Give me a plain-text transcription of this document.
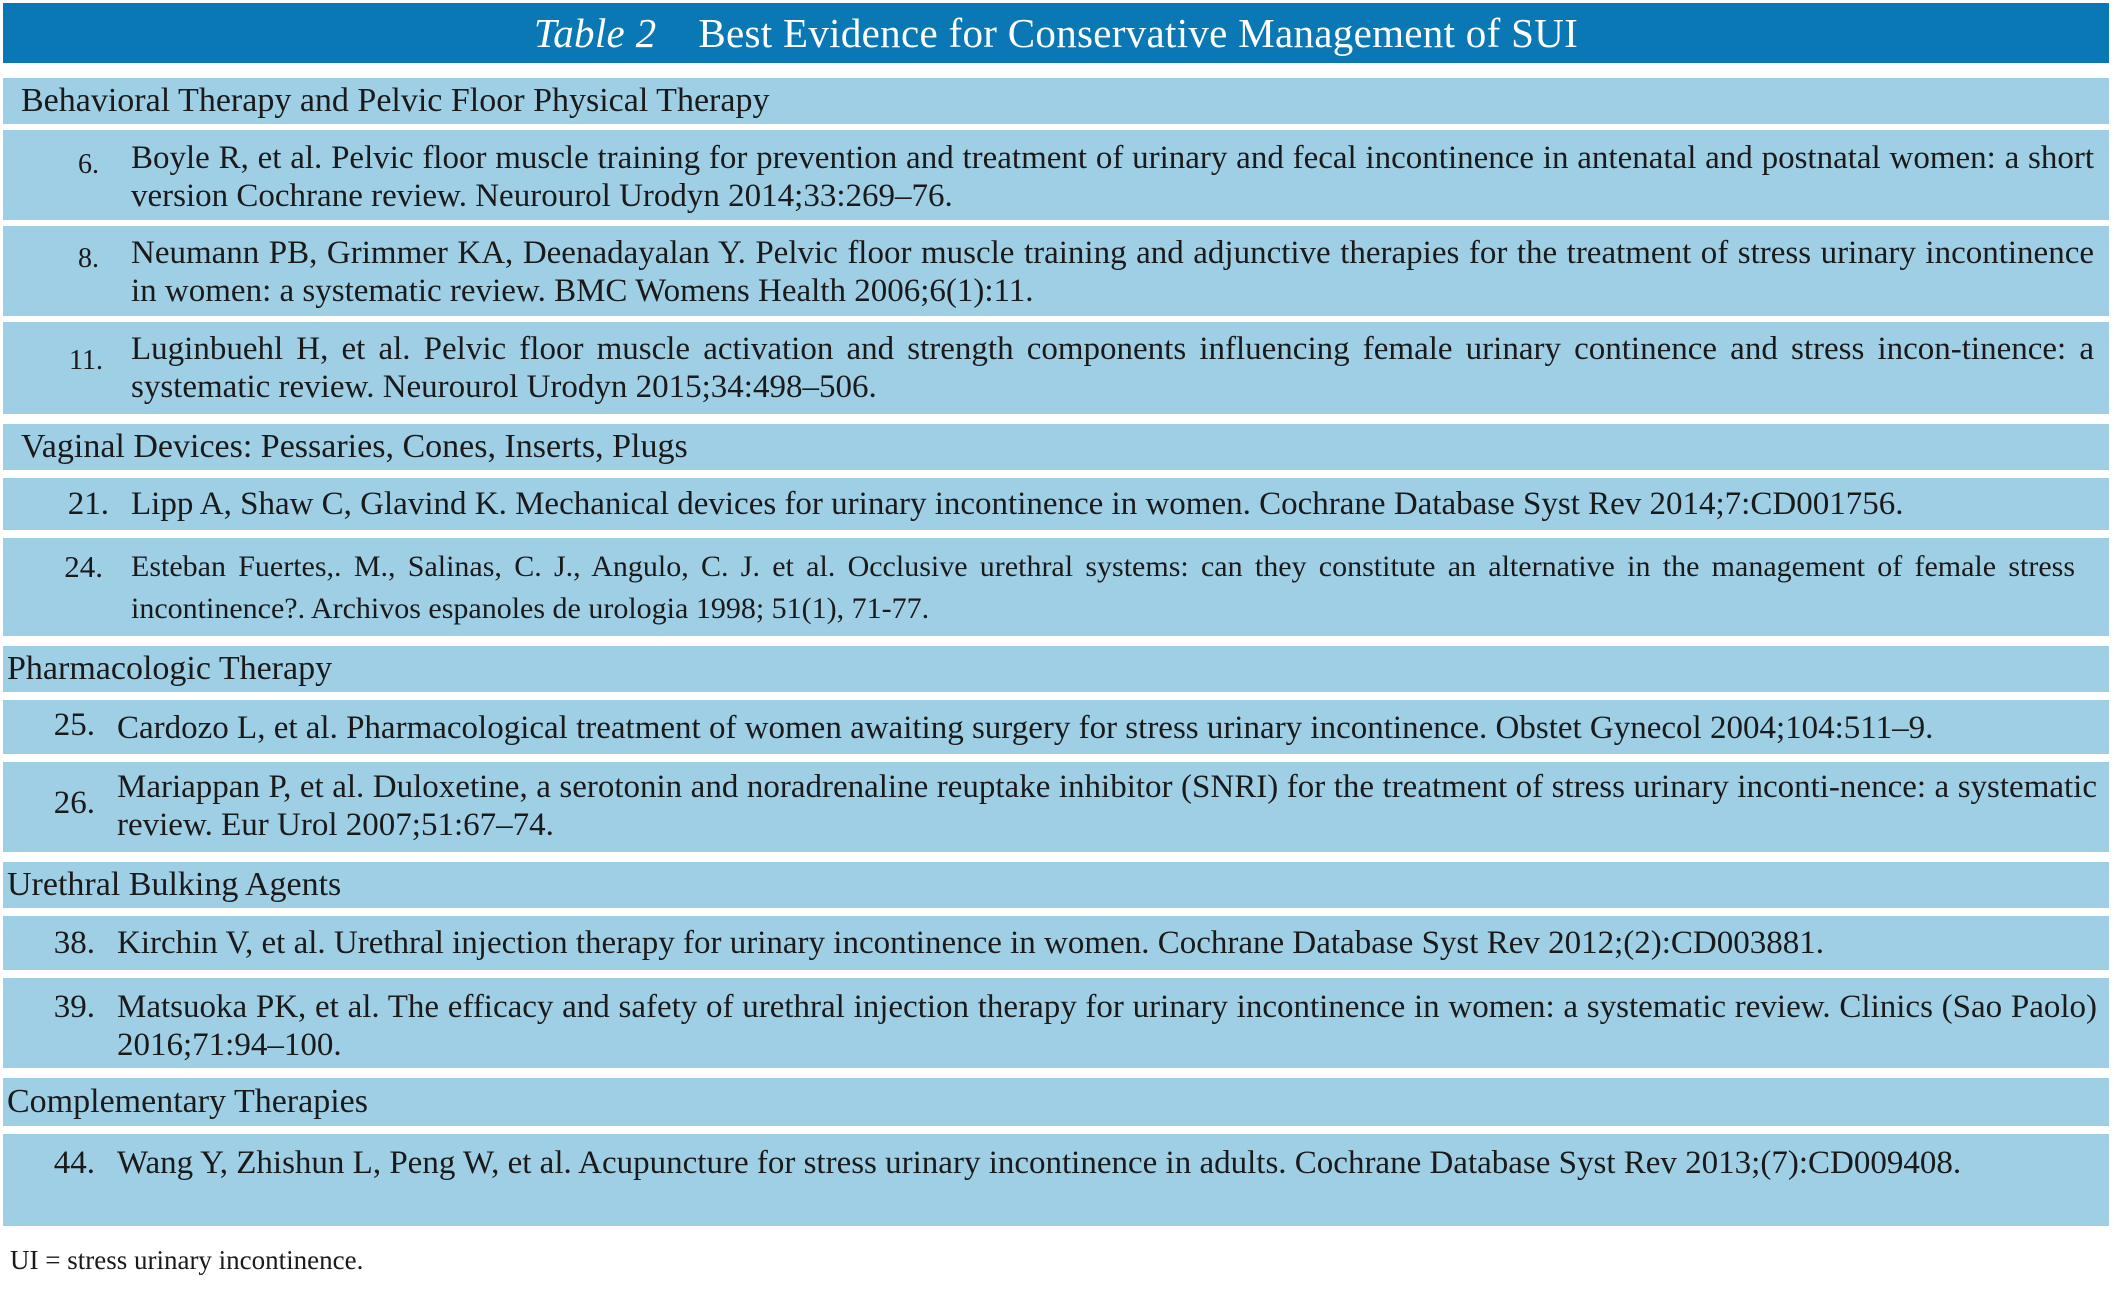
Table 2 Best Evidence for Conservative Management of SUI
Behavioral Therapy and Pelvic Floor Physical Therapy
6. Boyle R, et al. Pelvic floor muscle training for prevention and treatment of urinary and fecal incontinence in antenatal and postnatal women: a short version Cochrane review. Neurourol Urodyn 2014;33:269–76.
8. Neumann PB, Grimmer KA, Deenadayalan Y. Pelvic floor muscle training and adjunctive therapies for the treatment of stress urinary incontinence in women: a systematic review. BMC Womens Health 2006;6(1):11.
11. Luginbuehl H, et al. Pelvic floor muscle activation and strength components influencing female urinary continence and stress incon-tinence: a systematic review. Neurourol Urodyn 2015;34:498–506.
Vaginal Devices: Pessaries, Cones, Inserts, Plugs
21. Lipp A, Shaw C, Glavind K. Mechanical devices for urinary incontinence in women. Cochrane Database Syst Rev 2014;7:CD001756.
24. Esteban Fuertes,. M., Salinas, C. J., Angulo, C. J. et al. Occlusive urethral systems: can they constitute an alternative in the management of female stress incontinence?. Archivos espanoles de urologia 1998; 51(1), 71-77.
Pharmacologic Therapy
25. Cardozo L, et al. Pharmacological treatment of women awaiting surgery for stress urinary incontinence. Obstet Gynecol 2004;104:511–9.
26. Mariappan P, et al. Duloxetine, a serotonin and noradrenaline reuptake inhibitor (SNRI) for the treatment of stress urinary inconti-nence: a systematic review. Eur Urol 2007;51:67–74.
Urethral Bulking Agents
38. Kirchin V, et al. Urethral injection therapy for urinary incontinence in women. Cochrane Database Syst Rev 2012;(2):CD003881.
39. Matsuoka PK, et al. The efficacy and safety of urethral injection therapy for urinary incontinence in women: a systematic review. Clinics (Sao Paolo) 2016;71:94–100.
Complementary Therapies
44. Wang Y, Zhishun L, Peng W, et al. Acupuncture for stress urinary incontinence in adults. Cochrane Database Syst Rev 2013;(7):CD009408.
UI = stress urinary incontinence.
